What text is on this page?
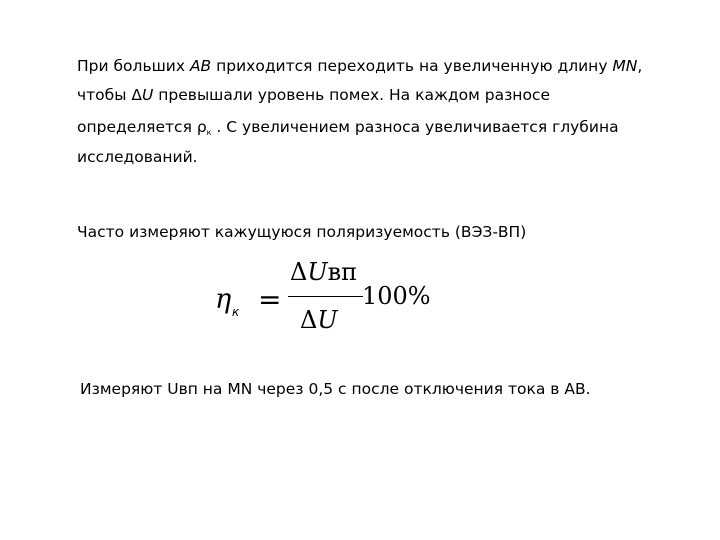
При больших АВ приходится переходить на увеличенную длину MN,
чтобы ΔU превышали уровень помех. На каждом разносе
определяется $\rho_к$ . С увеличением разноса увеличивается глубина
исследований.
Часто измеряют кажущуюся поляризуемость (ВЭЗ-ВП)
η к =
ΔUвп
ΔU
100%
Измеряют Uвп на MN через 0,5 с после отключения тока в АВ.
